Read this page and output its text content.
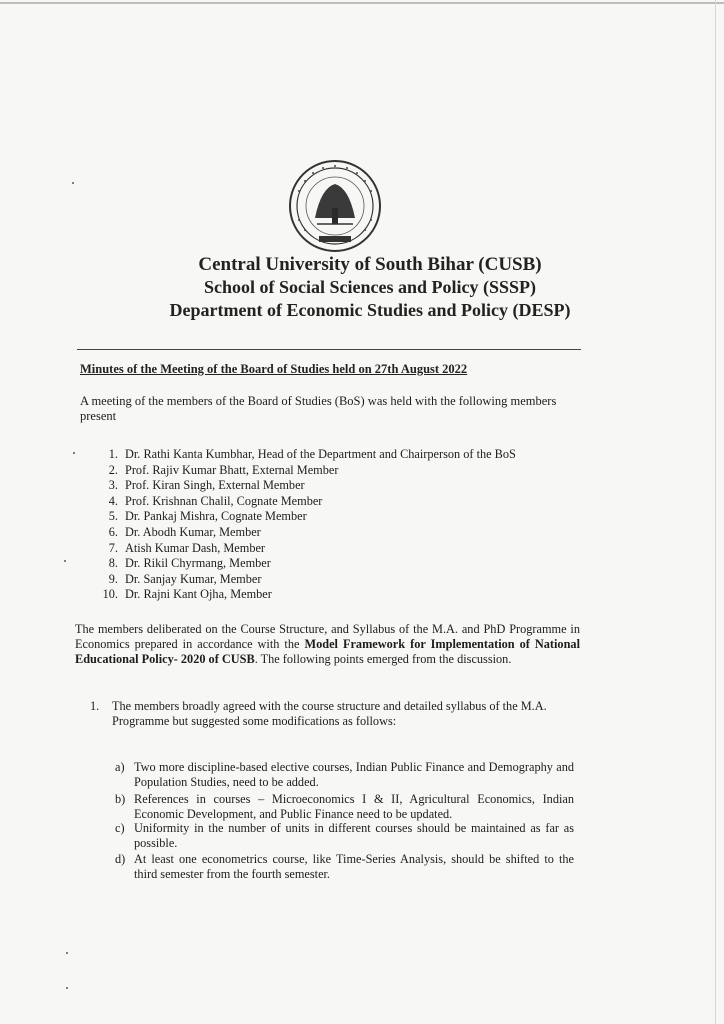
Central University of South Bihar (CUSB)
School of Social Sciences and Policy (SSSP)
Department of Economic Studies and Policy (DESP)
Minutes of the Meeting of the Board of Studies held on 27th August 2022
A meeting of the members of the Board of Studies (BoS) was held with the following members present
1. Dr. Rathi Kanta Kumbhar, Head of the Department and Chairperson of the BoS
2. Prof. Rajiv Kumar Bhatt, External Member
3. Prof. Kiran Singh, External Member
4. Prof. Krishnan Chalil, Cognate Member
5. Dr. Pankaj Mishra, Cognate Member
6. Dr. Abodh Kumar, Member
7. Atish Kumar Dash, Member
8. Dr. Rikil Chyrmang, Member
9. Dr. Sanjay Kumar, Member
10. Dr. Rajni Kant Ojha, Member
The members deliberated on the Course Structure, and Syllabus of the M.A. and PhD Programme in Economics prepared in accordance with the Model Framework for Implementation of National Educational Policy- 2020 of CUSB. The following points emerged from the discussion.
1. The members broadly agreed with the course structure and detailed syllabus of the M.A. Programme but suggested some modifications as follows:
a) Two more discipline-based elective courses, Indian Public Finance and Demography and Population Studies, need to be added.
b) References in courses – Microeconomics I & II, Agricultural Economics, Indian Economic Development, and Public Finance need to be updated.
c) Uniformity in the number of units in different courses should be maintained as far as possible.
d) At least one econometrics course, like Time-Series Analysis, should be shifted to the third semester from the fourth semester.
